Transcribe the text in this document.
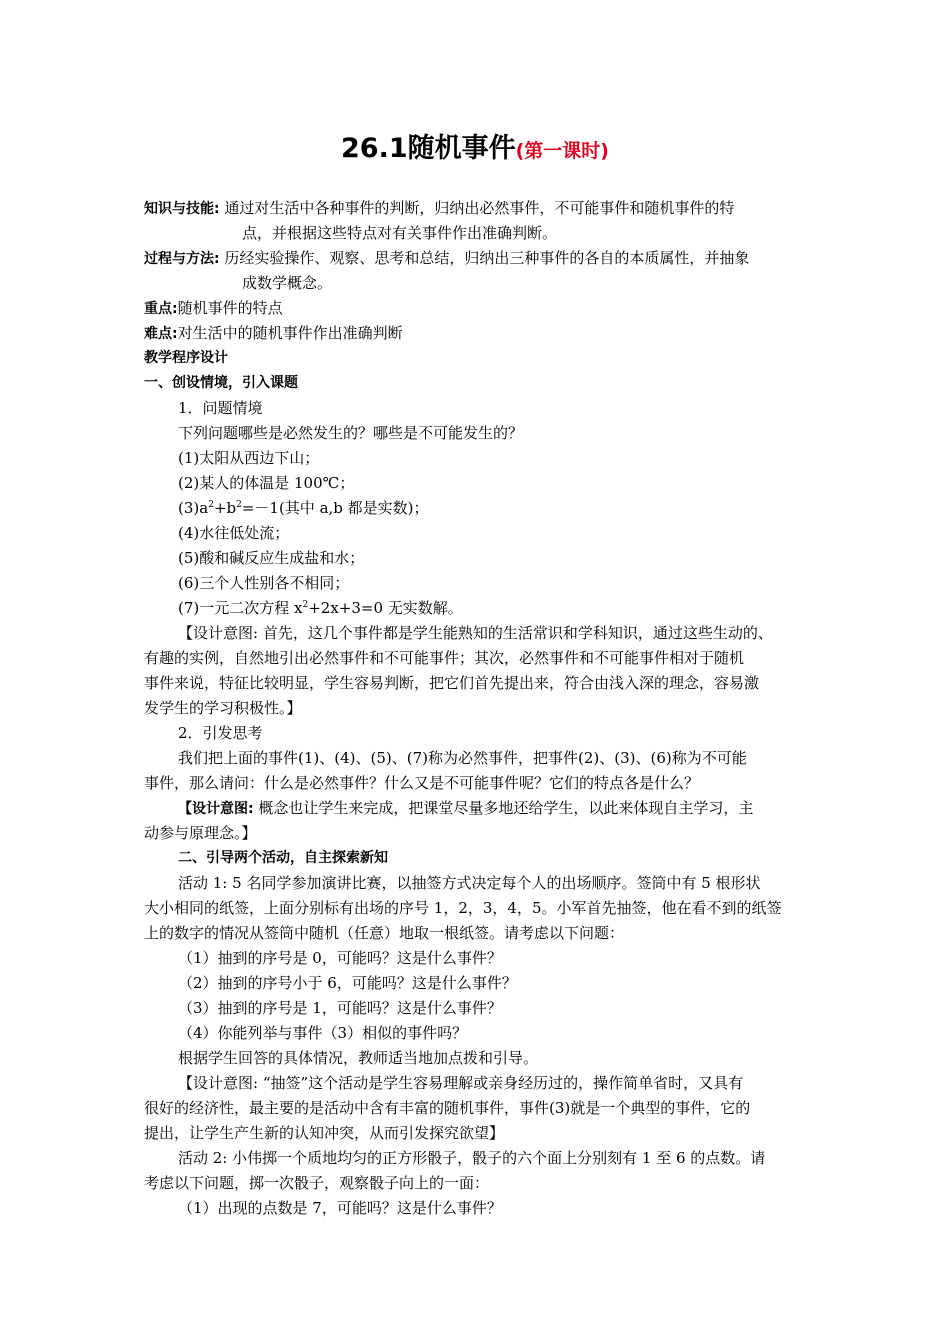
26.1随机事件(第一课时)
知识与技能: 通过对生活中各种事件的判断，归纳出必然事件，不可能事件和随机事件的特
点，并根据这些特点对有关事件作出准确判断。
过程与方法: 历经实验操作、观察、思考和总结，归纳出三种事件的各自的本质属性，并抽象
成数学概念。
重点:随机事件的特点
难点:对生活中的随机事件作出准确判断
教学程序设计
一、创设情境，引入课题
1．问题情境
下列问题哪些是必然发生的？哪些是不可能发生的？
(1)太阳从西边下山；
(2)某人的体温是 100℃；
$(3)a^2+b^2=-1$(其中 a,b 都是实数)；
(4)水往低处流；
(5)酸和碱反应生成盐和水；
(6)三个人性别各不相同；
(7)一元二次方程 $x^2+2x+3=0$ 无实数解。
【设计意图: 首先，这几个事件都是学生能熟知的生活常识和学科知识，通过这些生动的、
有趣的实例，自然地引出必然事件和不可能事件；其次，必然事件和不可能事件相对于随机
事件来说，特征比较明显，学生容易判断，把它们首先提出来，符合由浅入深的理念，容易激
发学生的学习积极性。】
2．引发思考
我们把上面的事件(1)、(4)、(5)、(7)称为必然事件，把事件(2)、(3)、(6)称为不可能
事件，那么请问：什么是必然事件？什么又是不可能事件呢？它们的特点各是什么？
【设计意图: 概念也让学生来完成，把课堂尽量多地还给学生，以此来体现自主学习，主
动参与原理念。】
二、引导两个活动，自主探索新知
活动 1: 5 名同学参加演讲比赛，以抽签方式决定每个人的出场顺序。签筒中有 5 根形状
大小相同的纸签，上面分别标有出场的序号 1，2，3，4，5。小军首先抽签，他在看不到的纸签
上的数字的情况从签筒中随机（任意）地取一根纸签。请考虑以下问题：
（1）抽到的序号是 0，可能吗？这是什么事件？
（2）抽到的序号小于 6，可能吗？这是什么事件？
（3）抽到的序号是 1，可能吗？这是什么事件？
（4）你能列举与事件（3）相似的事件吗？
根据学生回答的具体情况，教师适当地加点拨和引导。
【设计意图: “抽签”这个活动是学生容易理解或亲身经历过的，操作简单省时，又具有
很好的经济性，最主要的是活动中含有丰富的随机事件，事件(3)就是一个典型的事件，它的
提出，让学生产生新的认知冲突，从而引发探究欲望】
活动 2: 小伟掷一个质地均匀的正方形骰子，骰子的六个面上分别刻有 1 至 6 的点数。请
考虑以下问题，掷一次骰子，观察骰子向上的一面：
（1）出现的点数是 7，可能吗？这是什么事件？
